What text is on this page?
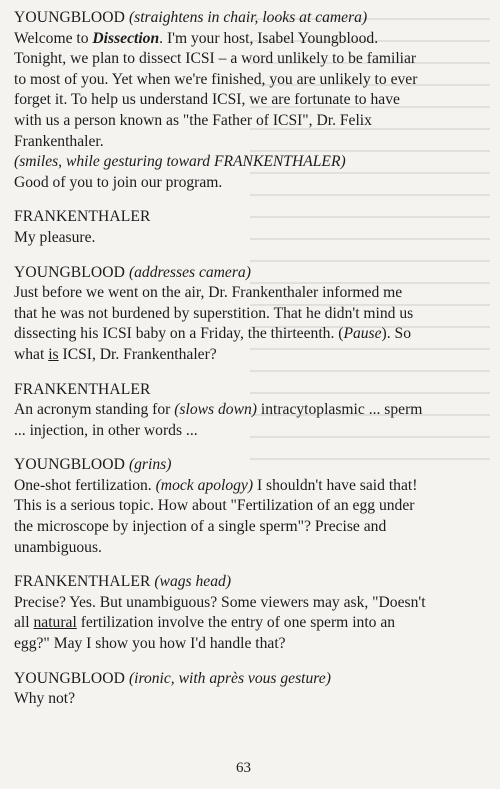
YOUNGBLOOD (straightens in chair, looks at camera)
Welcome to Dissection. I'm your host, Isabel Youngblood.
Tonight, we plan to dissect ICSI – a word unlikely to be familiar
to most of you. Yet when we're finished, you are unlikely to ever
forget it. To help us understand ICSI, we are fortunate to have
with us a person known as "the Father of ICSI", Dr. Felix
Frankenthaler.
(smiles, while gesturing toward FRANKENTHALER)
Good of you to join our program.
FRANKENTHALER
My pleasure.
YOUNGBLOOD (addresses camera)
Just before we went on the air, Dr. Frankenthaler informed me
that he was not burdened by superstition. That he didn't mind us
dissecting his ICSI baby on a Friday, the thirteenth. (Pause). So
what is ICSI, Dr. Frankenthaler?
FRANKENTHALER
An acronym standing for (slows down) intracytoplasmic ... sperm
... injection, in other words ...
YOUNGBLOOD (grins)
One-shot fertilization. (mock apology) I shouldn't have said that!
This is a serious topic. How about "Fertilization of an egg under
the microscope by injection of a single sperm"? Precise and
unambiguous.
FRANKENTHALER (wags head)
Precise? Yes. But unambiguous? Some viewers may ask, "Doesn't
all natural fertilization involve the entry of one sperm into an
egg?" May I show you how I'd handle that?
YOUNGBLOOD (ironic, with après vous gesture)
Why not?
63
